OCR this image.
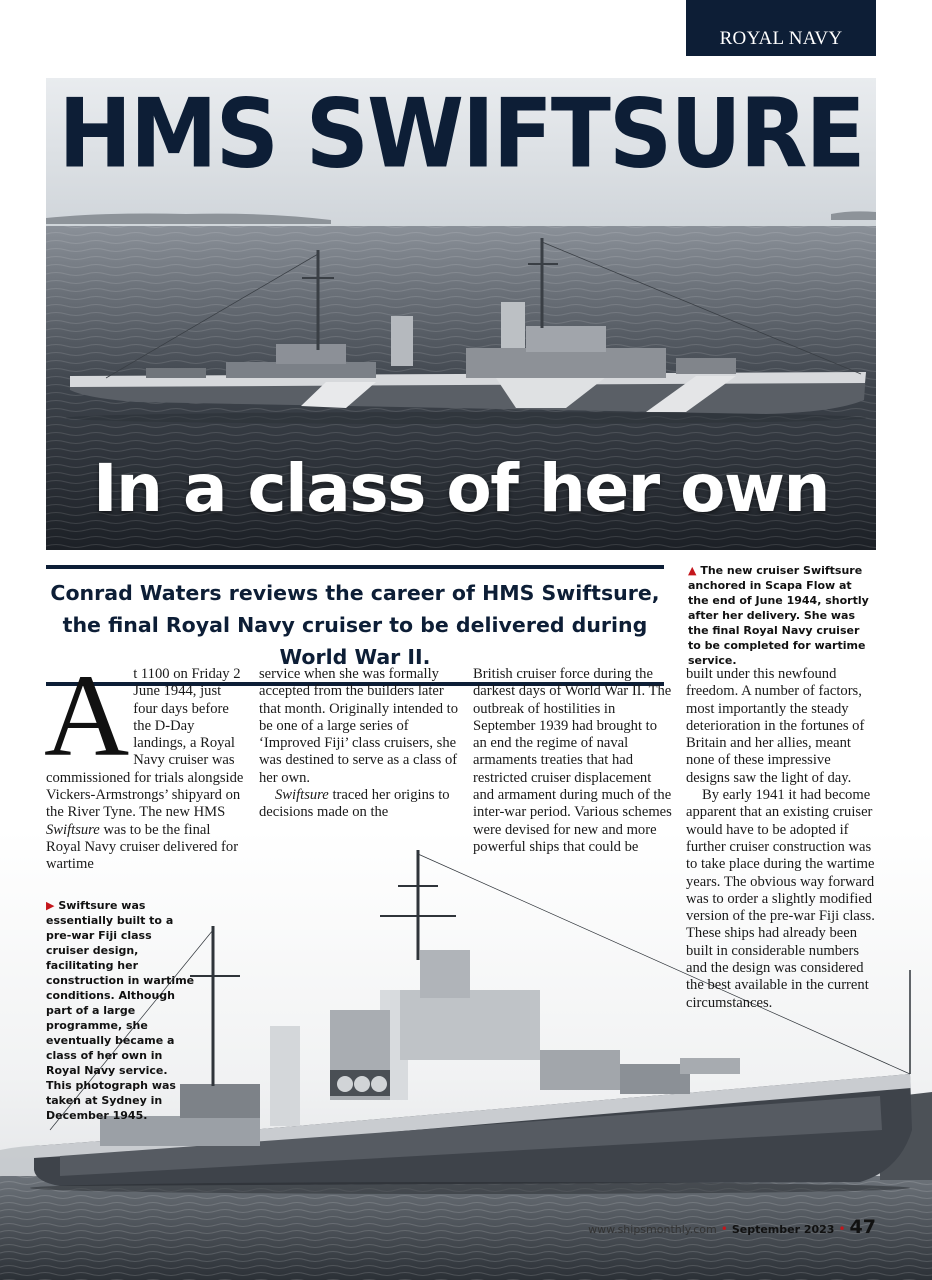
ROYAL NAVY
HMS SWIFTSURE
In a class of her own

Conrad Waters reviews the career of HMS Swiftsure, the final Royal Navy cruiser to be delivered during World War II.

▲ The new cruiser Swiftsure anchored in Scapa Flow at the end of June 1944, shortly after her delivery. She was the final Royal Navy cruiser to be completed for wartime service.

At 1100 on Friday 2 June 1944, just four days before the D-Day landings, a Royal Navy cruiser was commissioned for trials alongside Vickers-Armstrongs’ shipyard on the River Tyne. The new HMS Swiftsure was to be the final Royal Navy cruiser delivered for wartime

service when she was formally accepted from the builders later that month. Originally intended to be one of a large series of ‘Improved Fiji’ class cruisers, she was destined to serve as a class of her own.

Swiftsure traced her origins to decisions made on the

British cruiser force during the darkest days of World War II. The outbreak of hostilities in September 1939 had brought to an end the regime of naval armaments treaties that had restricted cruiser displacement and armament during much of the inter-war period. Various schemes were devised for new and more powerful ships that could be

built under this newfound freedom. A number of factors, most importantly the steady deterioration in the fortunes of Britain and her allies, meant none of these impressive designs saw the light of day.

By early 1941 it had become apparent that an existing cruiser would have to be adopted if further cruiser construction was to take place during the wartime years. The obvious way forward was to order a slightly modified version of the pre-war Fiji class. These ships had already been built in considerable numbers and the design was considered the best available in the current circumstances.

▶ Swiftsure was essentially built to a pre-war Fiji class cruiser design, facilitating her construction in wartime conditions. Although part of a large programme, she eventually became a class of her own in Royal Navy service. This photograph was taken at Sydney in December 1945.
www.shipsmonthly.com • September 2023 • 47
